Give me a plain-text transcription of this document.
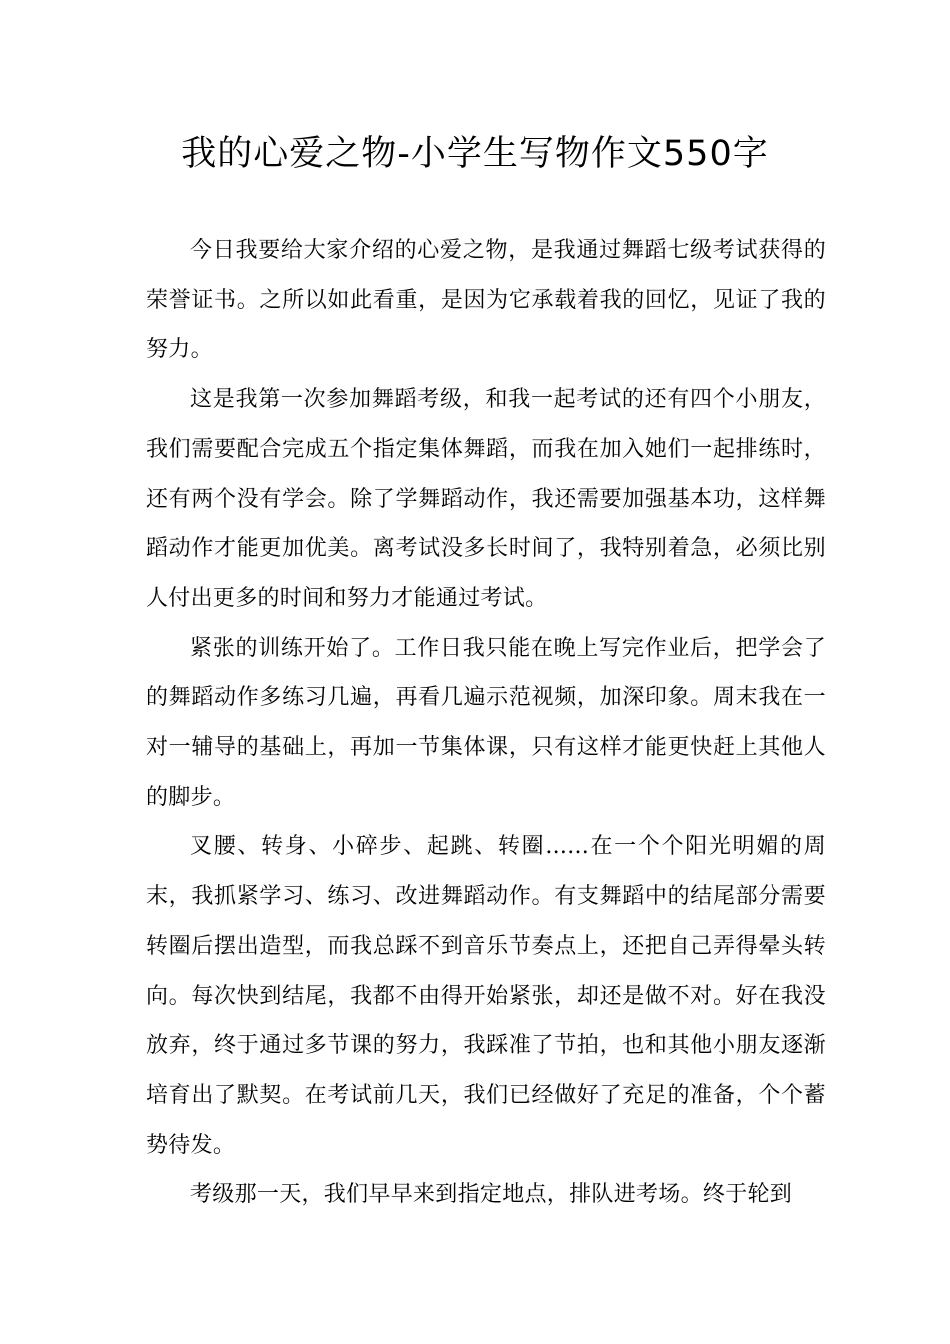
我的心爱之物-小学生写物作文550字

今日我要给大家介绍的心爱之物，是我通过舞蹈七级考试获得的荣誉证书。之所以如此看重，是因为它承载着我的回忆，见证了我的努力。

这是我第一次参加舞蹈考级，和我一起考试的还有四个小朋友，我们需要配合完成五个指定集体舞蹈，而我在加入她们一起排练时，还有两个没有学会。除了学舞蹈动作，我还需要加强基本功，这样舞蹈动作才能更加优美。离考试没多长时间了，我特别着急，必须比别人付出更多的时间和努力才能通过考试。

紧张的训练开始了。工作日我只能在晚上写完作业后，把学会了的舞蹈动作多练习几遍，再看几遍示范视频，加深印象。周末我在一对一辅导的基础上，再加一节集体课，只有这样才能更快赶上其他人的脚步。

叉腰、转身、小碎步、起跳、转圈......在一个个阳光明媚的周末，我抓紧学习、练习、改进舞蹈动作。有支舞蹈中的结尾部分需要转圈后摆出造型，而我总踩不到音乐节奏点上，还把自己弄得晕头转向。每次快到结尾，我都不由得开始紧张，却还是做不对。好在我没放弃，终于通过多节课的努力，我踩准了节拍，也和其他小朋友逐渐培育出了默契。在考试前几天，我们已经做好了充足的准备，个个蓄势待发。

考级那一天，我们早早来到指定地点，排队进考场。终于轮到
